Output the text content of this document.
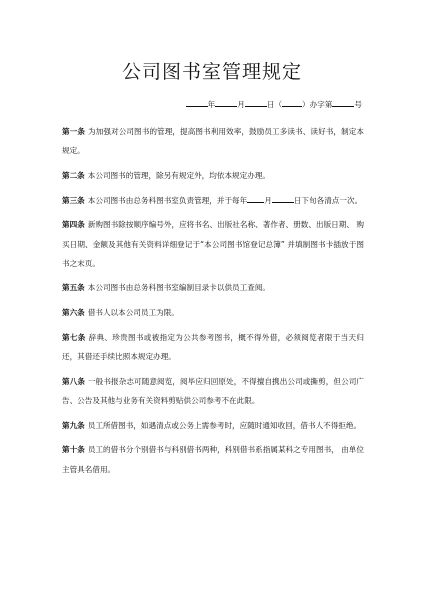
公司图书室管理规定
年	月	日（	）办字第	号

第一条 为加强对公司图书的管理，提高图书利用效率，鼓励员工多读书、读好书，制定本规定。

第二条 本公司图书的管理，除另有规定外，均依本规定办理。

第三条 本公司图书由总务科图书室负责管理，并于每年 月	日下旬各清点一次。

第四条 新购图书除按顺序编号外，应将书名、出版社名称、著作者、册数、出版日期、 购买日期、金额及其他有关资料详细登记于“本公司图书馆登记总簿” 并填制图书卡插放于图书之末页。

第五条 本公司图书由总务科图书室编制目录卡以供员工查阅。

第六条 借书人以本公司员工为限。

第七条 辞典、珍贵图书或被指定为公共参考图书，概不得外借，必须阅览者限于当天归还，其借还手续比照本规定办理。

第八条 一般书报杂志可随意阅览，阅毕应归回原处，不得擅自携出公司或撕剪，但公司广告、公告及其他与业务有关资料剪贴供公司参考不在此限。

第九条 员工所借图书，如遇清点或公务上需参考时，应随时通知收回，借书人不得拒绝。

第十条 员工的借书分个别借书与科别借书两种，科别借书系指属某科之专用图书， 由单位主管具名借用。
